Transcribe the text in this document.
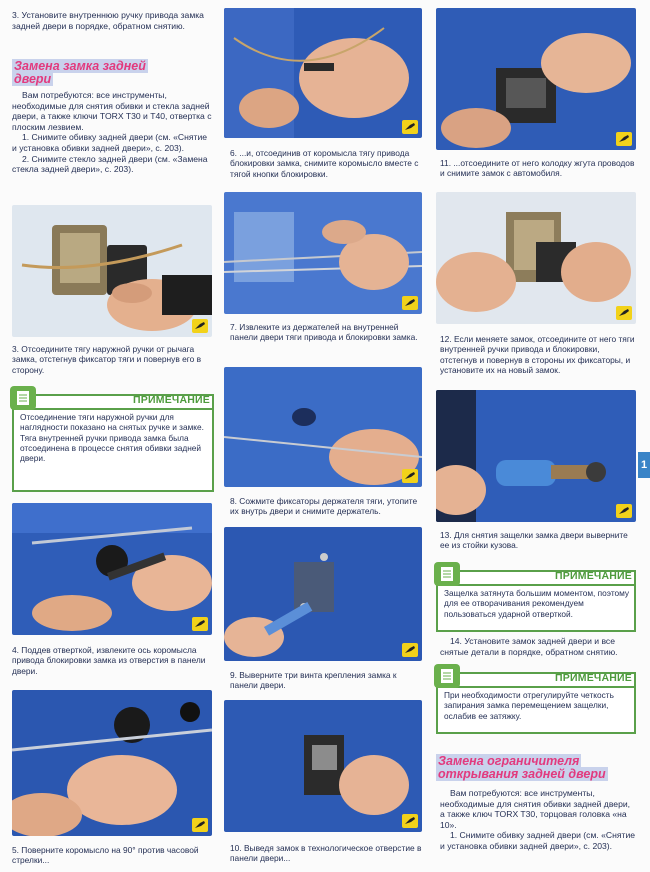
3. Установите внутреннюю ручку привода замка задней двери в порядке, обратном снятию.
Замена замка задней двери

Вам потребуются: все инструменты, необходимые для снятия обивки и стекла задней двери, а также ключи TORX T30 и T40, отвертка с плоским лезвием.

1. Снимите обивку задней двери (см. «Снятие и установка обивки задней двери», с. 203).

2. Снимите стекло задней двери (см. «Замена стекла задней двери», с. 203).

3. Отсоедините тягу наружной ручки от рычага замка, отстегнув фиксатор тяги и повернув его в сторону.
ПРИМЕЧАНИЕ
Отсоединение тяги наружной ручки для наглядности показано на снятых ручке и замке.
Тяга внутренней ручки привода замка была отсоединена в процессе снятия обивки задней двери.
4. Поддев отверткой, извлеките ось коромысла привода блокировки замка из отверстия в панели двери.
5. Поверните коромысло на 90° против часовой стрелки...
6. ...и, отсоединив от коромысла тягу привода блокировки замка, снимите коромысло вместе с тягой кнопки блокировки.
7. Извлеките из держателей на внутренней панели двери тяги привода и блокировки замка.
8. Сожмите фиксаторы держателя тяги, утопите их внутрь двери и снимите держатель.
9. Выверните три винта крепления замка к панели двери.
10. Выведя замок в технологическое отверстие в панели двери...
11. ...отсоедините от него колодку жгута проводов и снимите замок с автомобиля.
12. Если меняете замок, отсоедините от него тяги внутренней ручки привода и блокировки, отстегнув и повернув в стороны их фиксаторы, и установите их на новый замок.
13. Для снятия защелки замка двери выверните ее из стойки кузова.
ПРИМЕЧАНИЕ
Защелка затянута большим моментом, поэтому для ее отворачивания рекомендуем пользоваться ударной отверткой.

14. Установите замок задней двери и все снятые детали в порядке, обратном снятию.

ПРИМЕЧАНИЕ
При необходимости отрегулируйте четкость запирания замка перемещением защелки, ослабив ее затяжку.
Замена ограничителя открывания задней двери

Вам потребуются: все инструменты, необходимые для снятия обивки задней двери, а также ключ TORX T30, торцовая головка «на 10».

1. Снимите обивку задней двери (см. «Снятие и установка обивки задней двери», с. 203).

1
